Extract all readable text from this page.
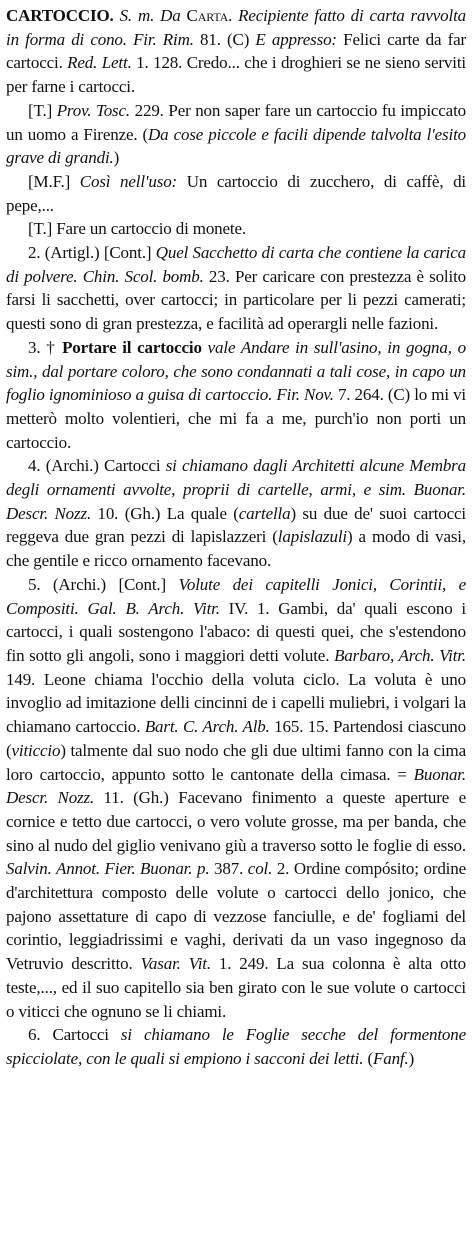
CARTOCCIO. S. m. Da Carta. Recipiente fatto di carta ravvolta in forma di cono. Fir. Rim. 81. (C) E appresso: Felici carte da far cartocci. Red. Lett. 1. 128. Credo... che i droghieri se ne sieno serviti per farne i cartocci.

[T.] Prov. Tosc. 229. Per non saper fare un cartoccio fu impiccato un uomo a Firenze. (Da cose piccole e facili dipende talvolta l'esito grave di grandi.)

[M.F.] Così nell'uso: Un cartoccio di zucchero, di caffè, di pepe,...

[T.] Fare un cartoccio di monete.

2. (Artigl.) [Cont.] Quel Sacchetto di carta che contiene la carica di polvere. Chin. Scol. bomb. 23. Per caricare con prestezza è solito farsi li sacchetti, over cartocci; in particolare per li pezzi camerati; questi sono di gran prestezza, e facilità ad operargli nelle fazioni.

3. † Portare il cartoccio vale Andare in sull'asino, in gogna, o sim., dal portare coloro, che sono condannati a tali cose, in capo un foglio ignominioso a guisa di cartoccio. Fir. Nov. 7. 264. (C) lo mi vi metterò molto volentieri, che mi fa a me, purch'io non porti un cartoccio.

4. (Archi.) Cartocci si chiamano dagli Architetti alcune Membra degli ornamenti avvolte, proprii di cartelle, armi, e sim. Buonar. Descr. Nozz. 10. (Gh.) La quale (cartella) su due de' suoi cartocci reggeva due gran pezzi di lapislazzeri (lapislazuli) a modo di vasi, che gentile e ricco ornamento facevano.

5. (Archi.) [Cont.] Volute dei capitelli Jonici, Corintii, e Compositi. Gal. B. Arch. Vitr. IV. 1. Gambi, da' quali escono i cartocci, i quali sostengono l'abaco: di questi quei, che s'estendono fin sotto gli angoli, sono i maggiori detti volute. Barbaro, Arch. Vitr. 149. Leone chiama l'occhio della voluta ciclo. La voluta è uno invoglio ad imitazione delli cincinni de i capelli muliebri, i volgari la chiamano cartoccio. Bart. C. Arch. Alb. 165. 15. Partendosi ciascuno (viticcio) talmente dal suo nodo che gli due ultimi fanno con la cima loro cartoccio, appunto sotto le cantonate della cimasa. = Buonar. Descr. Nozz. 11. (Gh.) Facevano finimento a queste aperture e cornice e tetto due cartocci, o vero volute grosse, ma per banda, che sino al nudo del giglio venivano giù a traverso sotto le foglie di esso. Salvin. Annot. Fier. Buonar. p. 387. col. 2. Ordine compósito; ordine d'architettura composto delle volute o cartocci dello jonico, che pajono assettature di capo di vezzose fanciulle, e de' fogliami del corintio, leggiadrissimi e vaghi, derivati da un vaso ingegnoso da Vetruvio descritto. Vasar. Vit. 1. 249. La sua colonna è alta otto teste,..., ed il suo capitello sia ben girato con le sue volute o cartocci o viticci che ognuno se li chiami.

6. Cartocci si chiamano le Foglie secche del formentone spicciolate, con le quali si empiono i sacconi dei letti. (Fanf.)
